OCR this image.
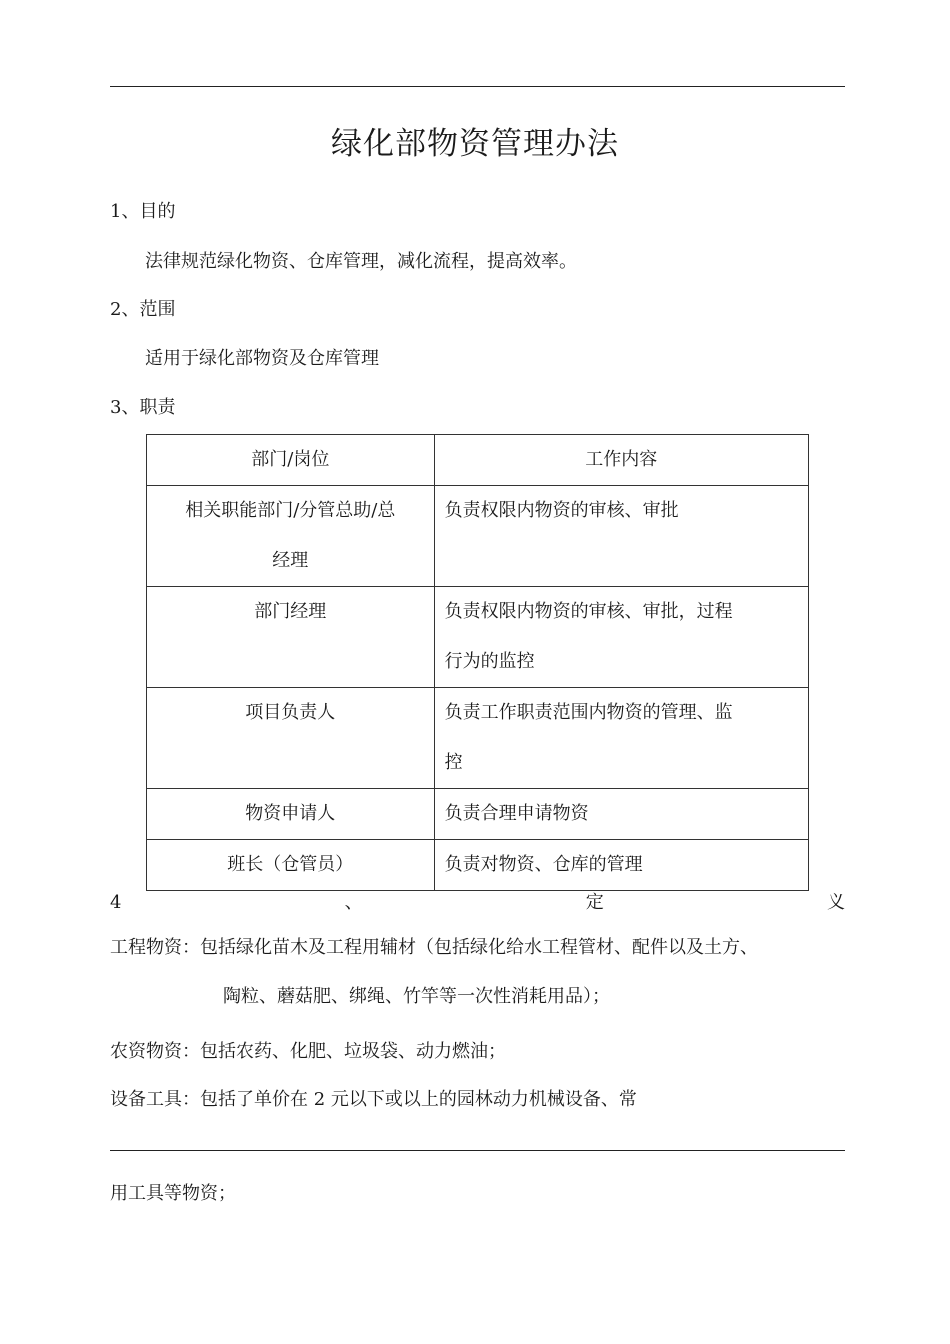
绿化部物资管理办法
1、目的
法律规范绿化物资、仓库管理，减化流程，提高效率。
2、范围
适用于绿化部物资及仓库管理
3、职责
部门/岗位	工作内容

相关职能部门/分管总助/总
经理	负责权限内物资的审核、审批

部门经理	负责权限内物资的审核、审批，过程
行为的监控

项目负责人	负责工作职责范围内物资的管理、监
控

物资申请人	负责合理申请物资

班长（仓管员）	负责对物资、仓库的管理
4	、	定	义
工程物资：包括绿化苗木及工程用辅材（包括绿化给水工程管材、配件以及土方、
陶粒、蘑菇肥、绑绳、竹竿等一次性消耗用品）；
农资物资：包括农药、化肥、垃圾袋、动力燃油；
设备工具：包括了单价在 2 元以下或以上的园林动力机械设备、常
用工具等物资；
